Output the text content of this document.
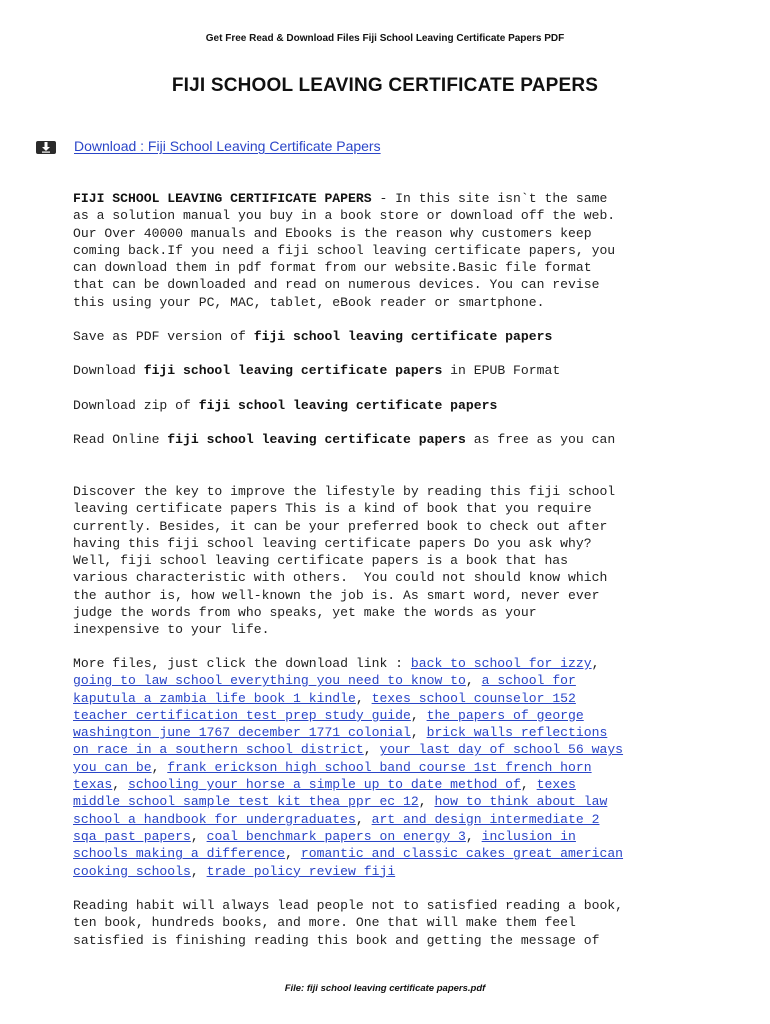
Get Free Read & Download Files Fiji School Leaving Certificate Papers PDF
FIJI SCHOOL LEAVING CERTIFICATE PAPERS
Download : Fiji School Leaving Certificate Papers

FIJI SCHOOL LEAVING CERTIFICATE PAPERS - In this site isn`t the same

as a solution manual you buy in a book store or download off the web.

Our Over 40000 manuals and Ebooks is the reason why customers keep

coming back.If you need a fiji school leaving certificate papers, you

can download them in pdf format from our website.Basic file format

that can be downloaded and read on numerous devices. You can revise

this using your PC, MAC, tablet, eBook reader or smartphone.

Save as PDF version of fiji school leaving certificate papers

Download fiji school leaving certificate papers in EPUB Format

Download zip of fiji school leaving certificate papers

Read Online fiji school leaving certificate papers as free as you can

Discover the key to improve the lifestyle by reading this fiji school

leaving certificate papers This is a kind of book that you require

currently. Besides, it can be your preferred book to check out after

having this fiji school leaving certificate papers Do you ask why?

Well, fiji school leaving certificate papers is a book that has

various characteristic with others.  You could not should know which

the author is, how well-known the job is. As smart word, never ever

judge the words from who speaks, yet make the words as your

inexpensive to your life.

More files, just click the download link : back to school for izzy,

going to law school everything you need to know to, a school for

kaputula a zambia life book 1 kindle, texes school counselor 152

teacher certification test prep study guide, the papers of george

washington june 1767 december 1771 colonial, brick walls reflections

on race in a southern school district, your last day of school 56 ways

you can be, frank erickson high school band course 1st french horn

texas, schooling your horse a simple up to date method of, texes

middle school sample test kit thea ppr ec 12, how to think about law

school a handbook for undergraduates, art and design intermediate 2

sqa past papers, coal benchmark papers on energy 3, inclusion in

schools making a difference, romantic and classic cakes great american

cooking schools, trade policy review fiji

Reading habit will always lead people not to satisfied reading a book,

ten book, hundreds books, and more. One that will make them feel

satisfied is finishing reading this book and getting the message of

File: fiji school leaving certificate papers.pdf
